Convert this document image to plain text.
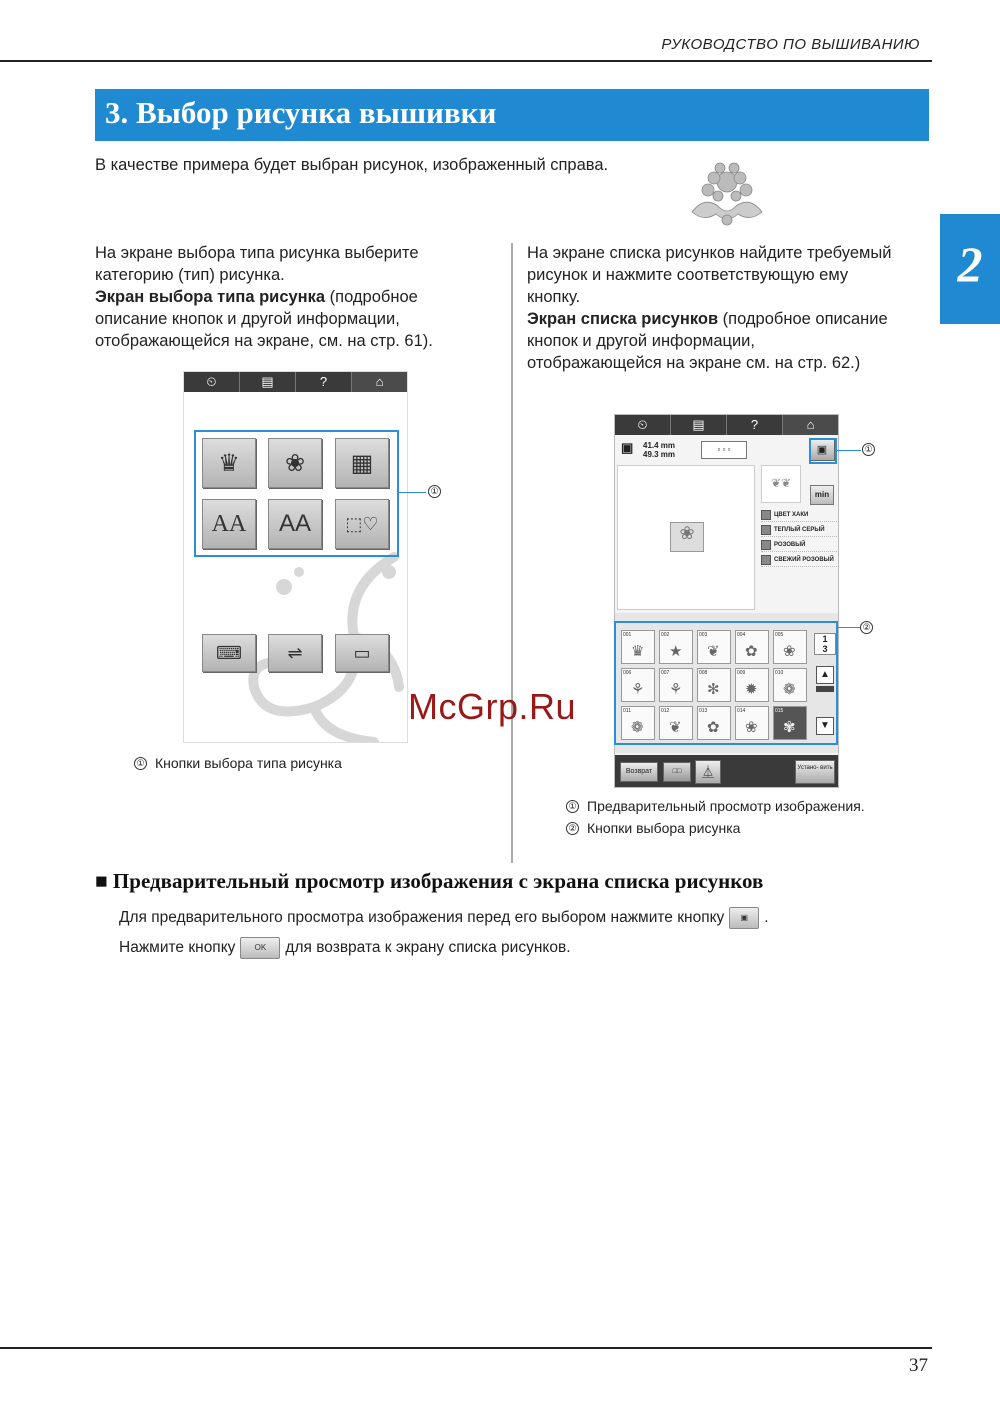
РУКОВОДСТВО ПО ВЫШИВАНИЮ
3. Выбор рисунка вышивки
2
В качестве примера будет выбран рисунок, изображенный справа.
На экране выбора типа рисунка выберите
категорию (тип) рисунка.
Экран выбора типа рисунка (подробное
описание кнопок и другой информации,
отображающейся на экране, см. на стр. 61).
На экране списка рисунков найдите требуемый
рисунок и нажмите соответствующую ему
кнопку.
Экран списка рисунков (подробное описание
кнопок и другой информации,
отображающейся на экране см. на стр. 62.)
⏲	▤	?	⌂
♛ ❀ ▦
AA AA ⬚♡
⌨	⇌	▭
①
① Кнопки выбора типа рисунка
⏲	▤	?	⌂
▣ 41.4 mm
49.3 mm
▫ ▫ ▫	▣
❀
❦❦
min
ЦВЕТ ХАКИ
ТЕПЛЫЙ СЕРЫЙ
РОЗОВЫЙ
СВЕЖИЙ РОЗОВЫЙ
1
3
▲
▼
Возврат	□□	⏅	Устано- вить
001
♛
002
★
003
❦
004
✿
005
❀
006
⚘
007
⚘
008
✻
009
✹
010
❁
011
❁
012
❦
013
✿
014
❀
015
✾
①
②
① Предварительный просмотр изображения.
② Кнопки выбора рисунка
McGrp.Ru
■ Предварительный просмотр изображения с экрана списка рисунков
Для предварительного просмотра изображения перед его выбором нажмите кнопку	▣	.
Нажмите кнопку	OK	для возврата к экрану списка рисунков.
37
